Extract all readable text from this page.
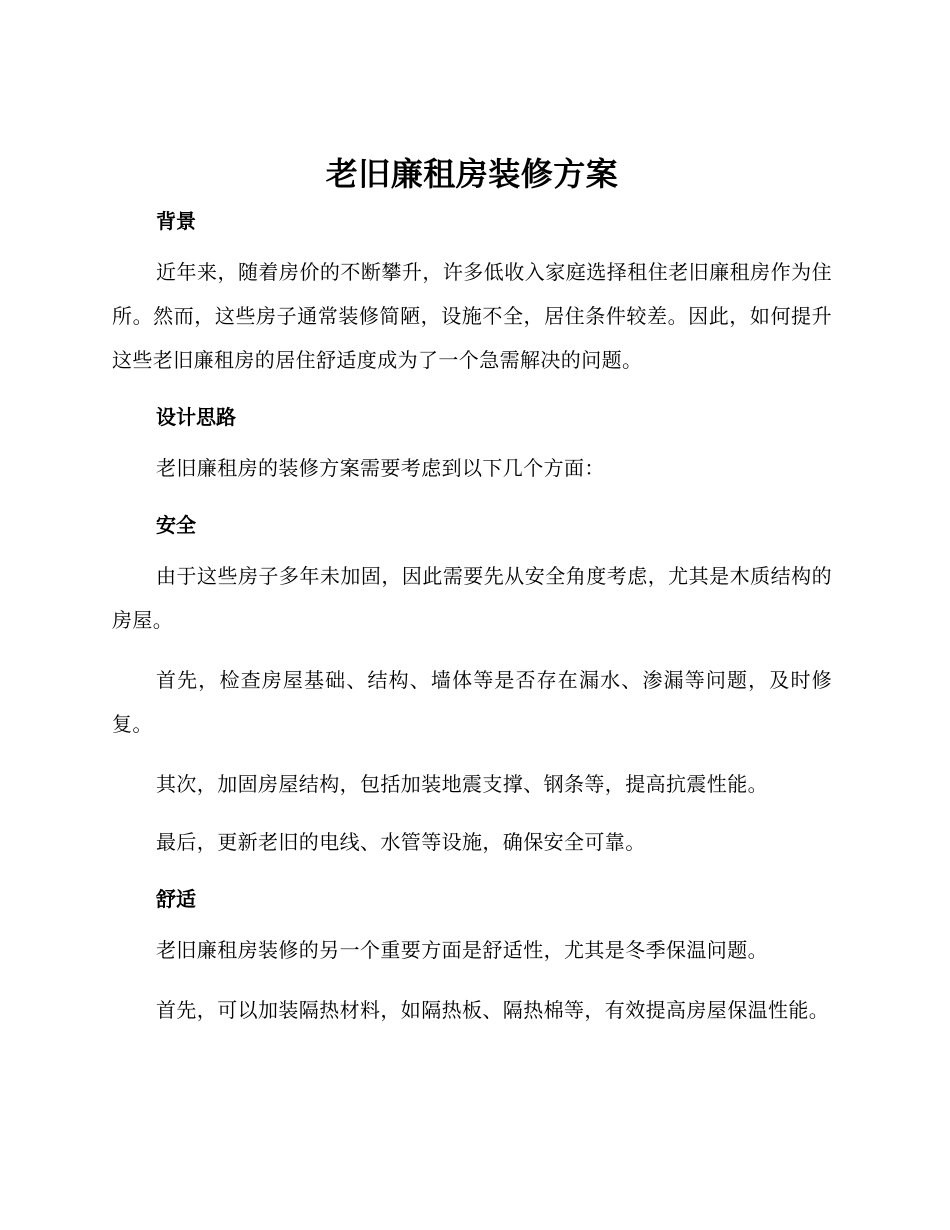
老旧廉租房装修方案
背景

近年来，随着房价的不断攀升，许多低收入家庭选择租住老旧廉租房作为住所。然而，这些房子通常装修简陋，设施不全，居住条件较差。因此，如何提升这些老旧廉租房的居住舒适度成为了一个急需解决的问题。

设计思路

老旧廉租房的装修方案需要考虑到以下几个方面：

安全

由于这些房子多年未加固，因此需要先从安全角度考虑，尤其是木质结构的房屋。

首先，检查房屋基础、结构、墙体等是否存在漏水、渗漏等问题，及时修复。

其次，加固房屋结构，包括加装地震支撑、钢条等，提高抗震性能。

最后，更新老旧的电线、水管等设施，确保安全可靠。

舒适

老旧廉租房装修的另一个重要方面是舒适性，尤其是冬季保温问题。

首先，可以加装隔热材料，如隔热板、隔热棉等，有效提高房屋保温性能。
